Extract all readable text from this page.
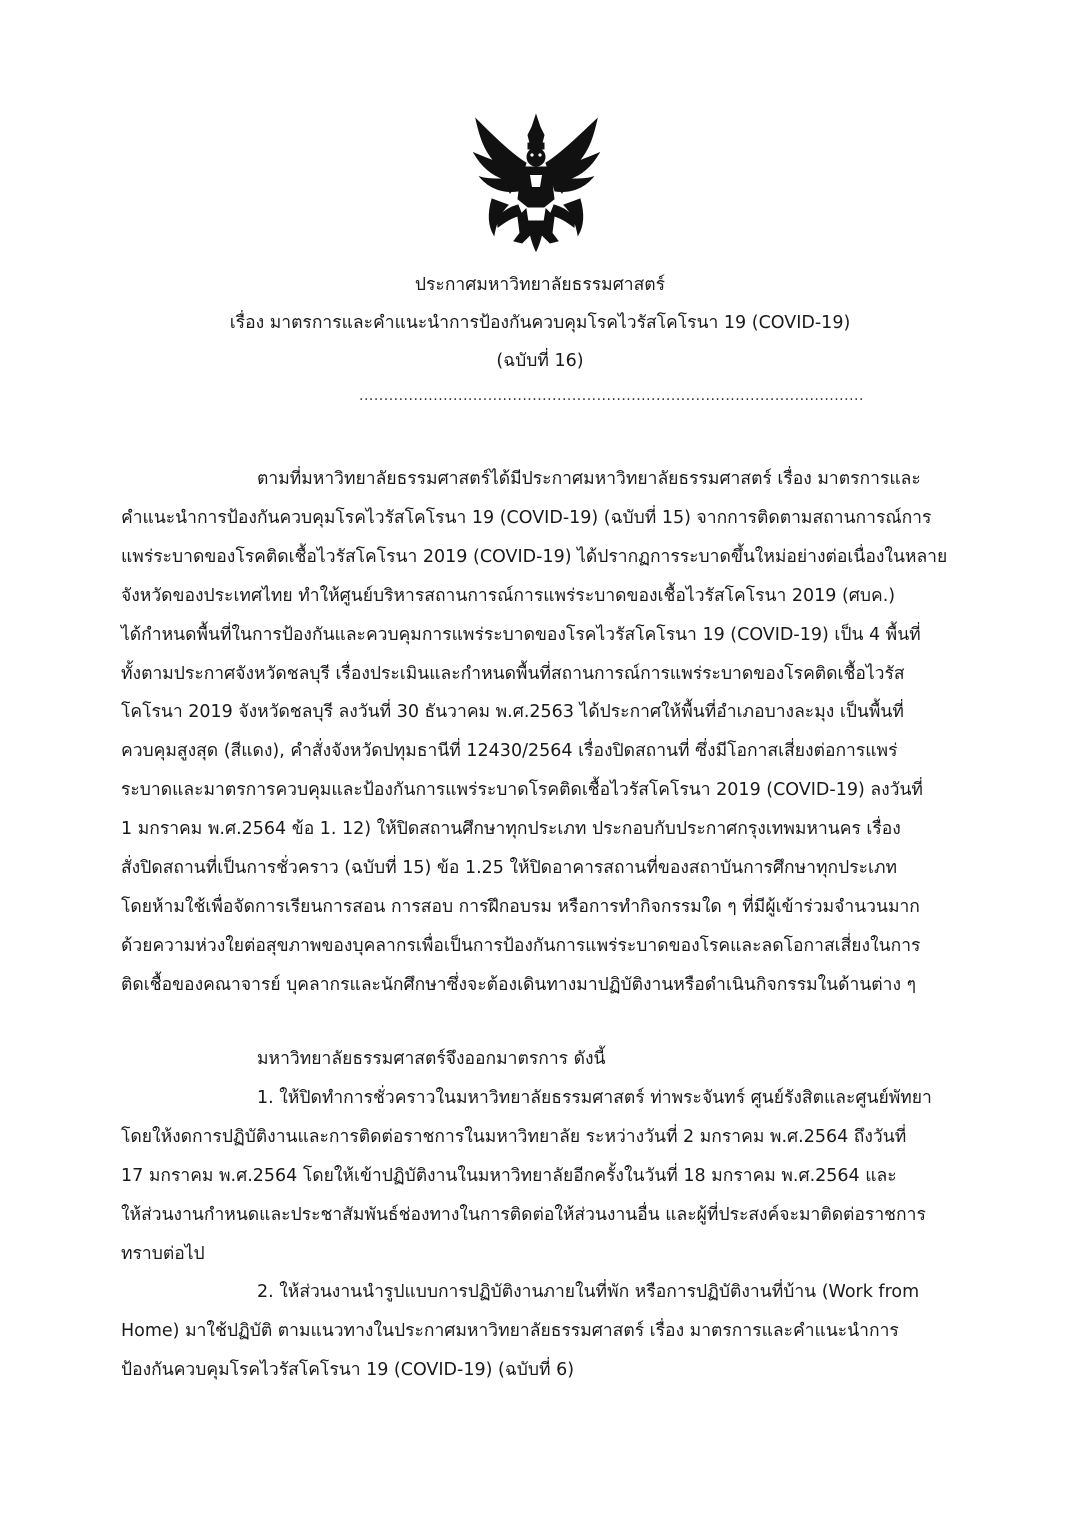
ประกาศมหาวิทยาลัยธรรมศาสตร์
เรื่อง มาตรการและคำแนะนำการป้องกันควบคุมโรคไวรัสโคโรนา 19 (COVID-19)
(ฉบับที่ 16)
......................................................................................................
ตามที่มหาวิทยาลัยธรรมศาสตร์ได้มีประกาศมหาวิทยาลัยธรรมศาสตร์ เรื่อง มาตรการและ
คำแนะนำการป้องกันควบคุมโรคไวรัสโคโรนา 19 (COVID-19) (ฉบับที่ 15) จากการติดตามสถานการณ์การ
แพร่ระบาดของโรคติดเชื้อไวรัสโคโรนา 2019 (COVID-19) ได้ปรากฏการระบาดขึ้นใหม่อย่างต่อเนื่องในหลาย
จังหวัดของประเทศไทย ทำให้ศูนย์บริหารสถานการณ์การแพร่ระบาดของเชื้อไวรัสโคโรนา 2019 (ศบค.)
ได้กำหนดพื้นที่ในการป้องกันและควบคุมการแพร่ระบาดของโรคไวรัสโคโรนา 19 (COVID-19) เป็น 4 พื้นที่
ทั้งตามประกาศจังหวัดชลบุรี เรื่องประเมินและกำหนดพื้นที่สถานการณ์การแพร่ระบาดของโรคติดเชื้อไวรัส
โคโรนา 2019 จังหวัดชลบุรี ลงวันที่ 30 ธันวาคม พ.ศ.2563 ได้ประกาศให้พื้นที่อำเภอบางละมุง เป็นพื้นที่
ควบคุมสูงสุด (สีแดง), คำสั่งจังหวัดปทุมธานีที่ 12430/2564 เรื่องปิดสถานที่ ซึ่งมีโอกาสเสี่ยงต่อการแพร่
ระบาดและมาตรการควบคุมและป้องกันการแพร่ระบาดโรคติดเชื้อไวรัสโคโรนา 2019 (COVID-19) ลงวันที่
1 มกราคม พ.ศ.2564 ข้อ 1. 12) ให้ปิดสถานศึกษาทุกประเภท ประกอบกับประกาศกรุงเทพมหานคร เรื่อง
สั่งปิดสถานที่เป็นการชั่วคราว (ฉบับที่ 15) ข้อ 1.25 ให้ปิดอาคารสถานที่ของสถาบันการศึกษาทุกประเภท
โดยห้ามใช้เพื่อจัดการเรียนการสอน การสอบ การฝึกอบรม หรือการทำกิจกรรมใด ๆ ที่มีผู้เข้าร่วมจำนวนมาก
ด้วยความห่วงใยต่อสุขภาพของบุคลากรเพื่อเป็นการป้องกันการแพร่ระบาดของโรคและลดโอกาสเสี่ยงในการ
ติดเชื้อของคณาจารย์ บุคลากรและนักศึกษาซึ่งจะต้องเดินทางมาปฏิบัติงานหรือดำเนินกิจกรรมในด้านต่าง ๆ
มหาวิทยาลัยธรรมศาสตร์จึงออกมาตรการ ดังนี้
1. ให้ปิดทำการชั่วคราวในมหาวิทยาลัยธรรมศาสตร์ ท่าพระจันทร์ ศูนย์รังสิตและศูนย์พัทยา
โดยให้งดการปฏิบัติงานและการติดต่อราชการในมหาวิทยาลัย ระหว่างวันที่ 2 มกราคม พ.ศ.2564 ถึงวันที่
17 มกราคม พ.ศ.2564 โดยให้เข้าปฏิบัติงานในมหาวิทยาลัยอีกครั้งในวันที่ 18 มกราคม พ.ศ.2564 และ
ให้ส่วนงานกำหนดและประชาสัมพันธ์ช่องทางในการติดต่อให้ส่วนงานอื่น และผู้ที่ประสงค์จะมาติดต่อราชการ
ทราบต่อไป
2. ให้ส่วนงานนำรูปแบบการปฏิบัติงานภายในที่พัก หรือการปฏิบัติงานที่บ้าน (Work from
Home) มาใช้ปฏิบัติ ตามแนวทางในประกาศมหาวิทยาลัยธรรมศาสตร์ เรื่อง มาตรการและคำแนะนำการ
ป้องกันควบคุมโรคไวรัสโคโรนา 19 (COVID-19) (ฉบับที่ 6)
